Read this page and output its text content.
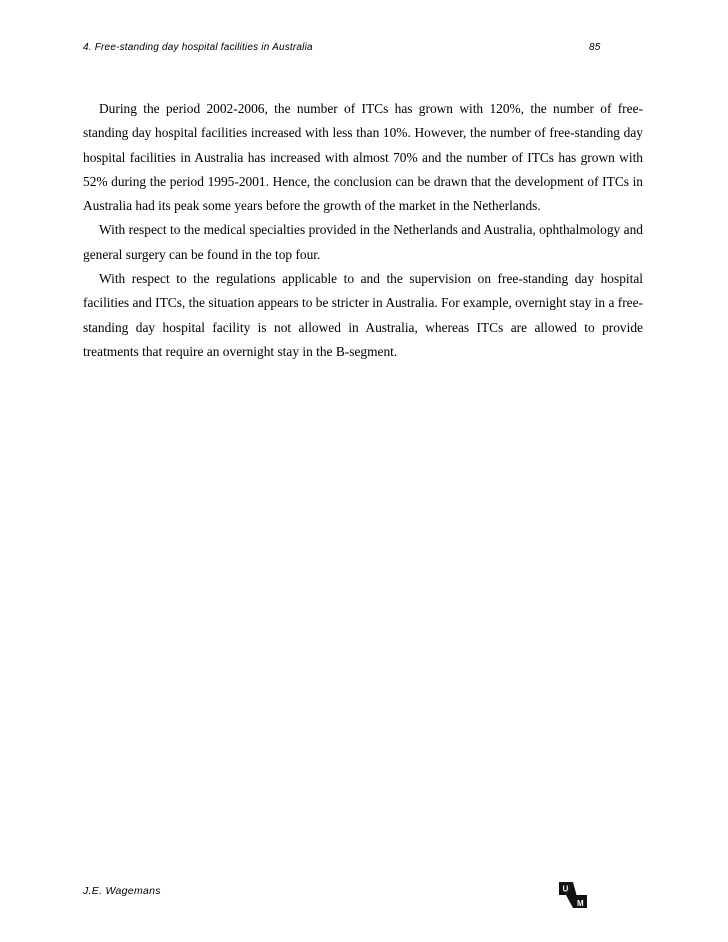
4. Free-standing day hospital facilities in Australia	85

During the period 2002-2006, the number of ITCs has grown with 120%, the number of free-standing day hospital facilities increased with less than 10%. However, the number of free-standing day hospital facilities in Australia has increased with almost 70% and the number of ITCs has grown with 52% during the period 1995-2001. Hence, the conclusion can be drawn that the development of ITCs in Australia had its peak some years before the growth of the market in the Netherlands.

With respect to the medical specialties provided in the Netherlands and Australia, ophthalmology and general surgery can be found in the top four.

With respect to the regulations applicable to and the supervision on free-standing day hospital facilities and ITCs, the situation appears to be stricter in Australia. For example, overnight stay in a free-standing day hospital facility is not allowed in Australia, whereas ITCs are allowed to provide treatments that require an overnight stay in the B-segment.

J.E. Wagemans	U
M
